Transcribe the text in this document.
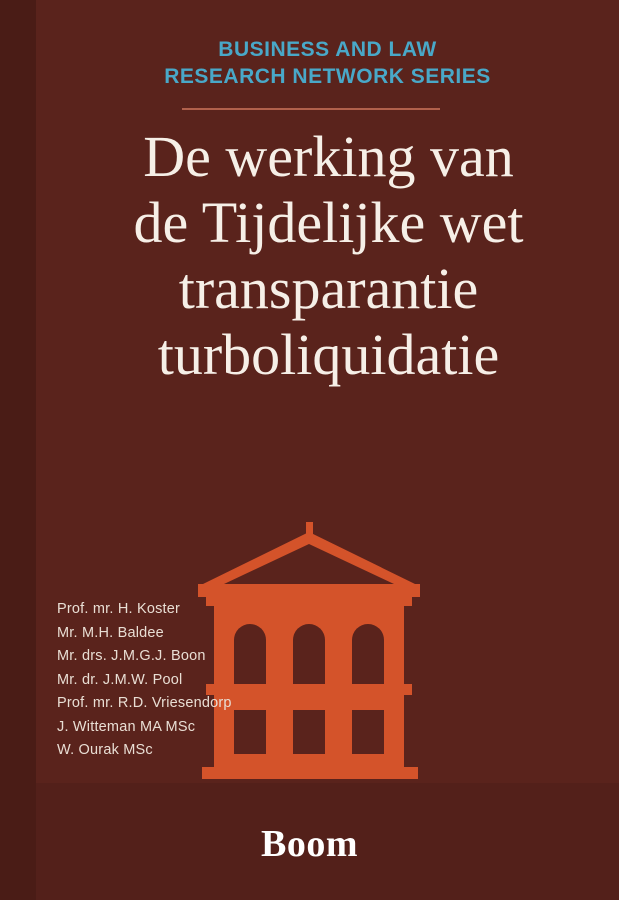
BUSINESS AND LAW
RESEARCH NETWORK SERIES
De werking van
de Tijdelijke wet
transparantie
turboliquidatie
Prof. mr. H. Koster
Mr. M.H. Baldee
Mr. drs. J.M.G.J. Boon
Mr. dr. J.M.W. Pool
Prof. mr. R.D. Vriesendorp
J. Witteman MA MSc
W. Ourak MSc
Boom
